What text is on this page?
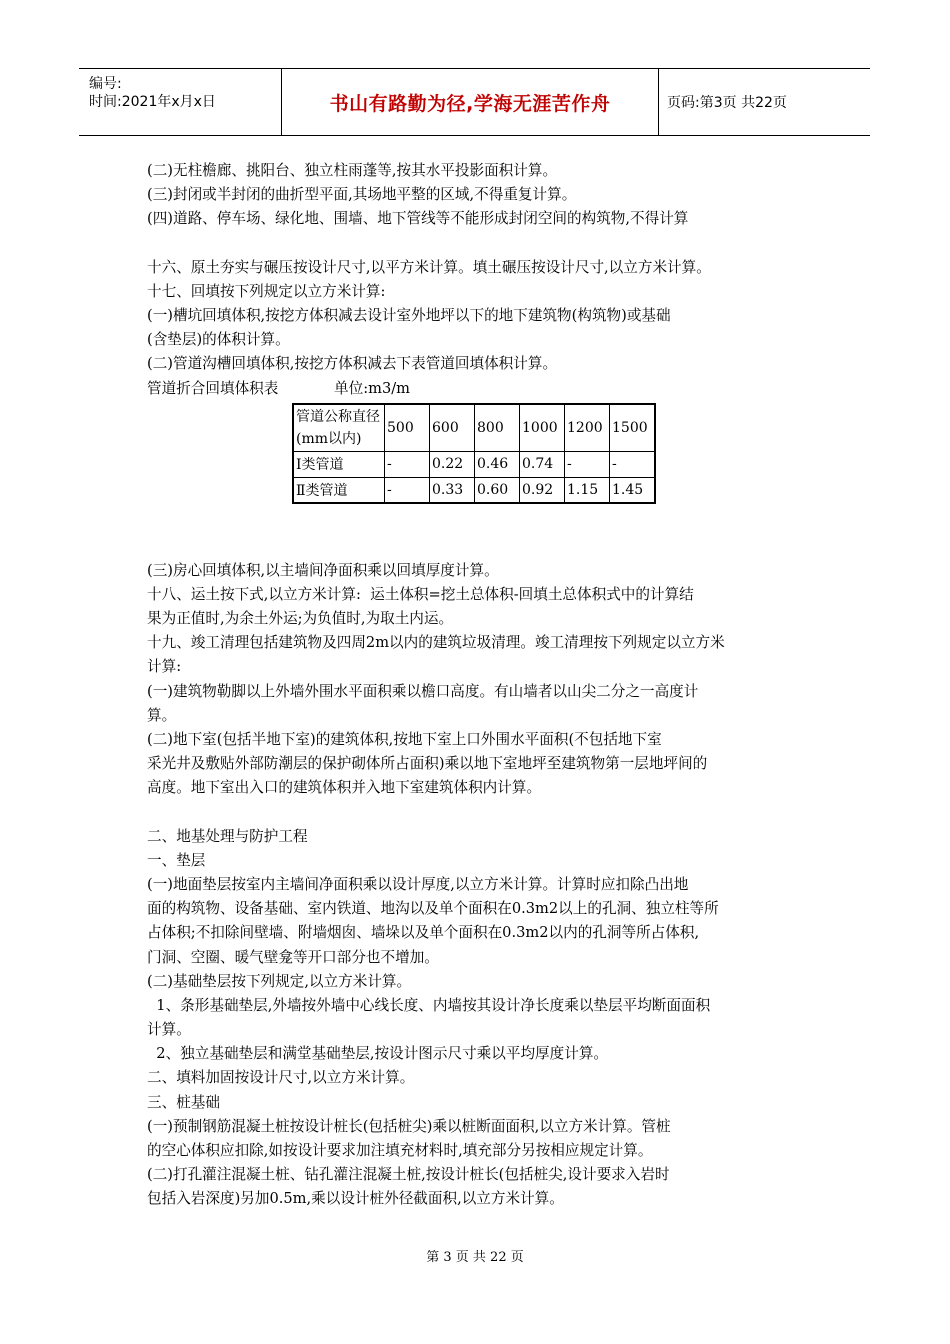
编号:
时间:2021年x月x日	书山有路勤为径,学海无涯苦作舟	页码:第3页 共22页
(二)无柱檐廊、挑阳台、独立柱雨蓬等,按其水平投影面积计算。
(三)封闭或半封闭的曲折型平面,其场地平整的区域,不得重复计算。
(四)道路、停车场、绿化地、围墙、地下管线等不能形成封闭空间的构筑物,不得计算
十六、原土夯实与碾压按设计尺寸,以平方米计算。填土碾压按设计尺寸,以立方米计算。
十七、回填按下列规定以立方米计算:
(一)槽坑回填体积,按挖方体积减去设计室外地坪以下的地下建筑物(构筑物)或基础
(含垫层)的体积计算。
(二)管道沟槽回填体积,按挖方体积减去下表管道回填体积计算。
管道折合回填体积表            单位:m3/m
管道公称直径(mm以内)	500	600	800	1000	1200	1500
Ⅰ类管道	-	0.22	0.46	0.74	-	-
Ⅱ类管道	-	0.33	0.60	0.92	1.15	1.45
(三)房心回填体积,以主墙间净面积乘以回填厚度计算。
十八、运土按下式,以立方米计算:  运土体积=挖土总体积-回填土总体积式中的计算结
果为正值时,为余土外运;为负值时,为取土内运。
十九、竣工清理包括建筑物及四周2m以内的建筑垃圾清理。竣工清理按下列规定以立方米
计算:
(一)建筑物勒脚以上外墙外围水平面积乘以檐口高度。有山墙者以山尖二分之一高度计
算。
(二)地下室(包括半地下室)的建筑体积,按地下室上口外围水平面积(不包括地下室
采光井及敷贴外部防潮层的保护砌体所占面积)乘以地下室地坪至建筑物第一层地坪间的
高度。地下室出入口的建筑体积并入地下室建筑体积内计算。
二、地基处理与防护工程
一、垫层
(一)地面垫层按室内主墙间净面积乘以设计厚度,以立方米计算。计算时应扣除凸出地
面的构筑物、设备基础、室内铁道、地沟以及单个面积在0.3m2以上的孔洞、独立柱等所
占体积;不扣除间壁墙、附墙烟囱、墙垛以及单个面积在0.3m2以内的孔洞等所占体积,
门洞、空圈、暖气壁龛等开口部分也不增加。
(二)基础垫层按下列规定,以立方米计算。
1、条形基础垫层,外墙按外墙中心线长度、内墙按其设计净长度乘以垫层平均断面面积
计算。
2、独立基础垫层和满堂基础垫层,按设计图示尺寸乘以平均厚度计算。
二、填料加固按设计尺寸,以立方米计算。
三、桩基础
(一)预制钢筋混凝土桩按设计桩长(包括桩尖)乘以桩断面面积,以立方米计算。管桩
的空心体积应扣除,如按设计要求加注填充材料时,填充部分另按相应规定计算。
(二)打孔灌注混凝土桩、钻孔灌注混凝土桩,按设计桩长(包括桩尖,设计要求入岩时
包括入岩深度)另加0.5m,乘以设计桩外径截面积,以立方米计算。
第 3 页 共 22 页
